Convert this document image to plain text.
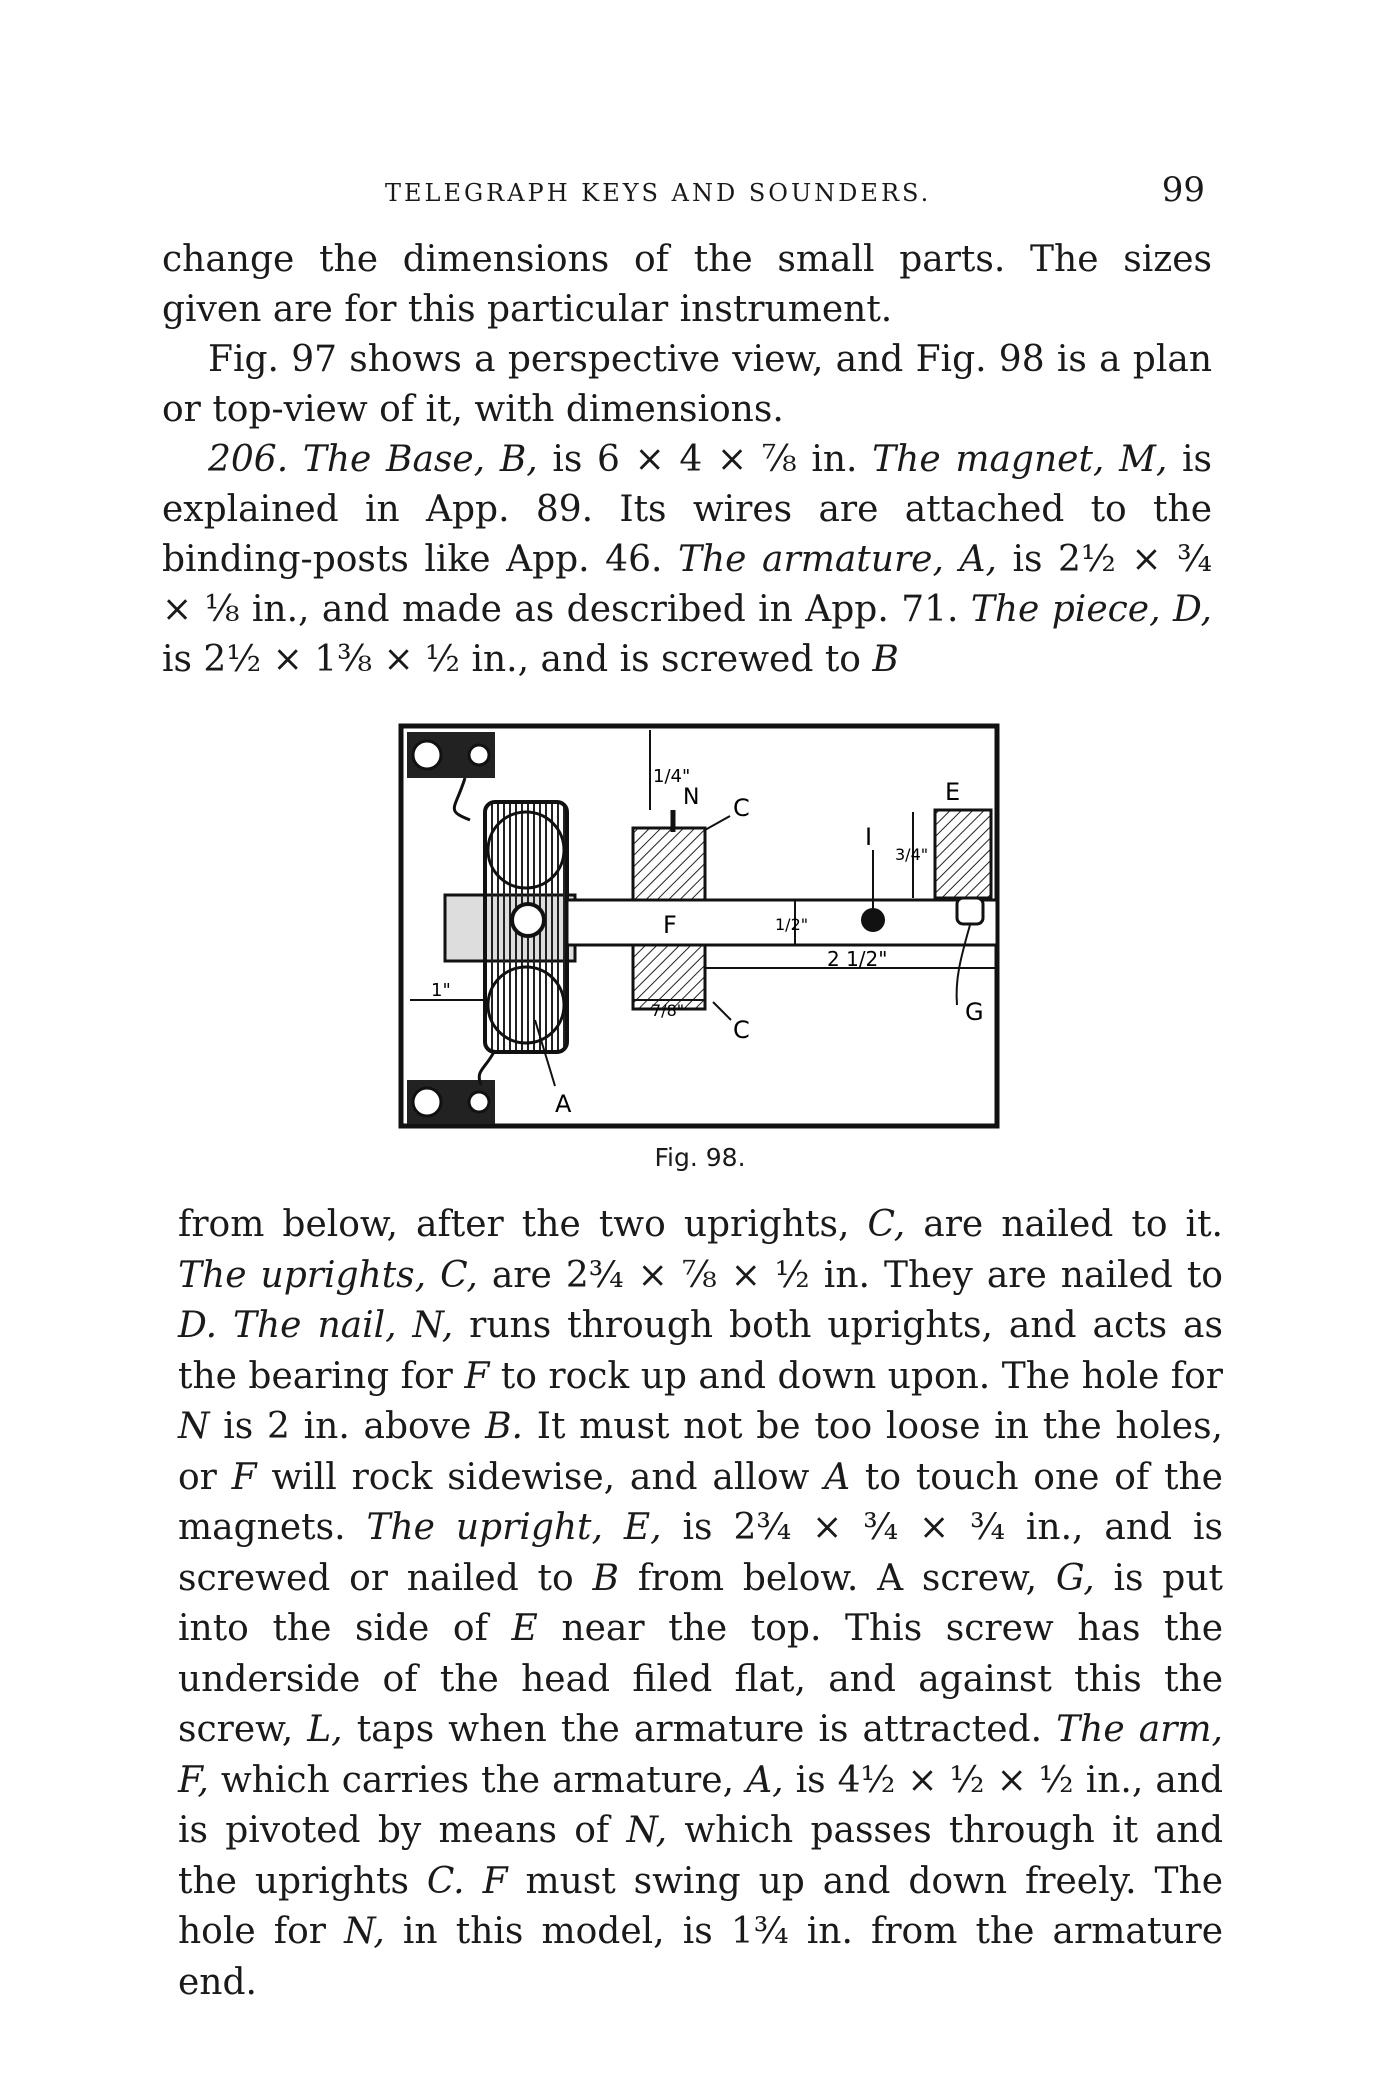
TELEGRAPH KEYS AND SOUNDERS.	99

change the dimensions of the small parts. The sizes given are for this particular instrument.

Fig. 97 shows a perspective view, and Fig. 98 is a plan or top-view of it, with dimensions.

206. The Base, B, is 6 × 4 × ⅞ in. The magnet, M, is explained in App. 89. Its wires are attached to the binding-posts like App. 46. The armature, A, is 2½ × ¾ × ⅛ in., and made as described in App. 71. The piece, D, is 2½ × 1⅜ × ½ in., and is screwed to B

1/4"
N C
I
3/4"
E
F	1/2"
2 1/2"
1"
7/8"
C
G
A
Fig. 98.

from below, after the two uprights, C, are nailed to it. The uprights, C, are 2¾ × ⅞ × ½ in. They are nailed to D. The nail, N, runs through both uprights, and acts as the bearing for F to rock up and down upon. The hole for N is 2 in. above B. It must not be too loose in the holes, or F will rock sidewise, and allow A to touch one of the magnets. The upright, E, is 2¾ × ¾ × ¾ in., and is screwed or nailed to B from below. A screw, G, is put into the side of E near the top. This screw has the underside of the head filed flat, and against this the screw, L, taps when the armature is attracted. The arm, F, which carries the armature, A, is 4½ × ½ × ½ in., and is pivoted by means of N, which passes through it and the uprights C. F must swing up and down freely. The hole for N, in this model, is 1¾ in. from the armature end.
